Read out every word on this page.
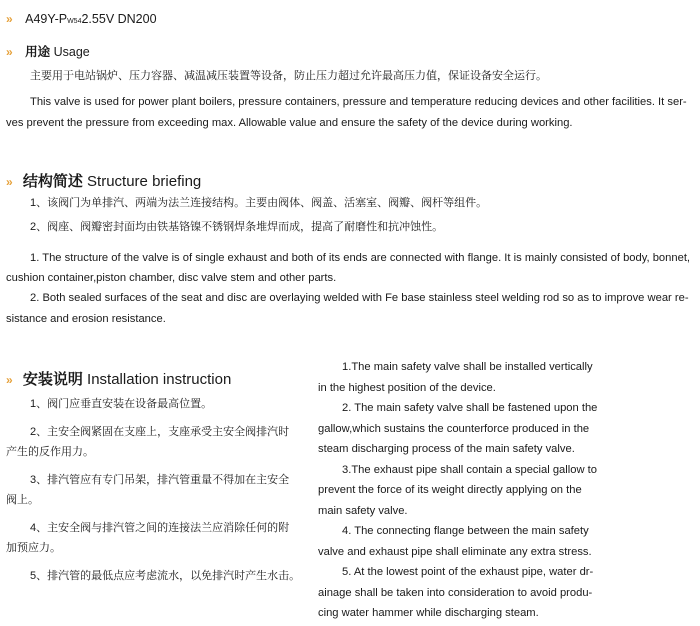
» A49Y-PW542.55V DN200
» 用途 Usage

主要用于电站锅炉、压力容器、减温减压装置等设备，防止压力超过允许最高压力值，保证设备安全运行。

This valve is used for power plant boilers, pressure containers, pressure and temperature reducing devices and other facilities. It ser-

ves prevent the pressure from exceeding max. Allowable value and ensure the safety of the device during working.

» 结构简述 Structure briefing

1、该阀门为单排汽、两端为法兰连接结构。主要由阀体、阀盖、活塞室、阀瓣、阀杆等组件。

2、阀座、阀瓣密封面均由铁基铬镍不锈钢焊条堆焊而成，提高了耐磨性和抗冲蚀性。

1. The structure of the valve is of single exhaust and both of its ends are connected with flange. It is mainly consisted of body, bonnet,

cushion container,piston chamber, disc valve stem and other parts.

2. Both sealed surfaces of the seat and disc are overlaying welded with Fe base stainless steel welding rod so as to improve wear re-

sistance and erosion resistance.

» 安装说明 Installation instruction

1、阀门应垂直安装在设备最高位置。

2、主安全阀紧固在支座上，支座承受主安全阀排汽时

产生的反作用力。

3、排汽管应有专门吊架，排汽管重量不得加在主安全

阀上。

4、主安全阀与排汽管之间的连接法兰应消除任何的附

加预应力。

5、排汽管的最低点应考虑流水，以免排汽时产生水击。

1.The main safety valve shall be installed vertically

in the highest position of the device.

2. The main safety valve shall be fastened upon the

gallow,which sustains the counterforce produced in the

steam discharging process of the main safety valve.

3.The exhaust pipe shall contain a special gallow to

prevent the force of its weight directly applying on the

main safety valve.

4. The connecting flange between the main safety

valve and exhaust pipe shall eliminate any extra stress.

5. At the lowest point of the exhaust pipe, water dr-

ainage shall be taken into consideration to avoid produ-

cing water hammer while discharging steam.
